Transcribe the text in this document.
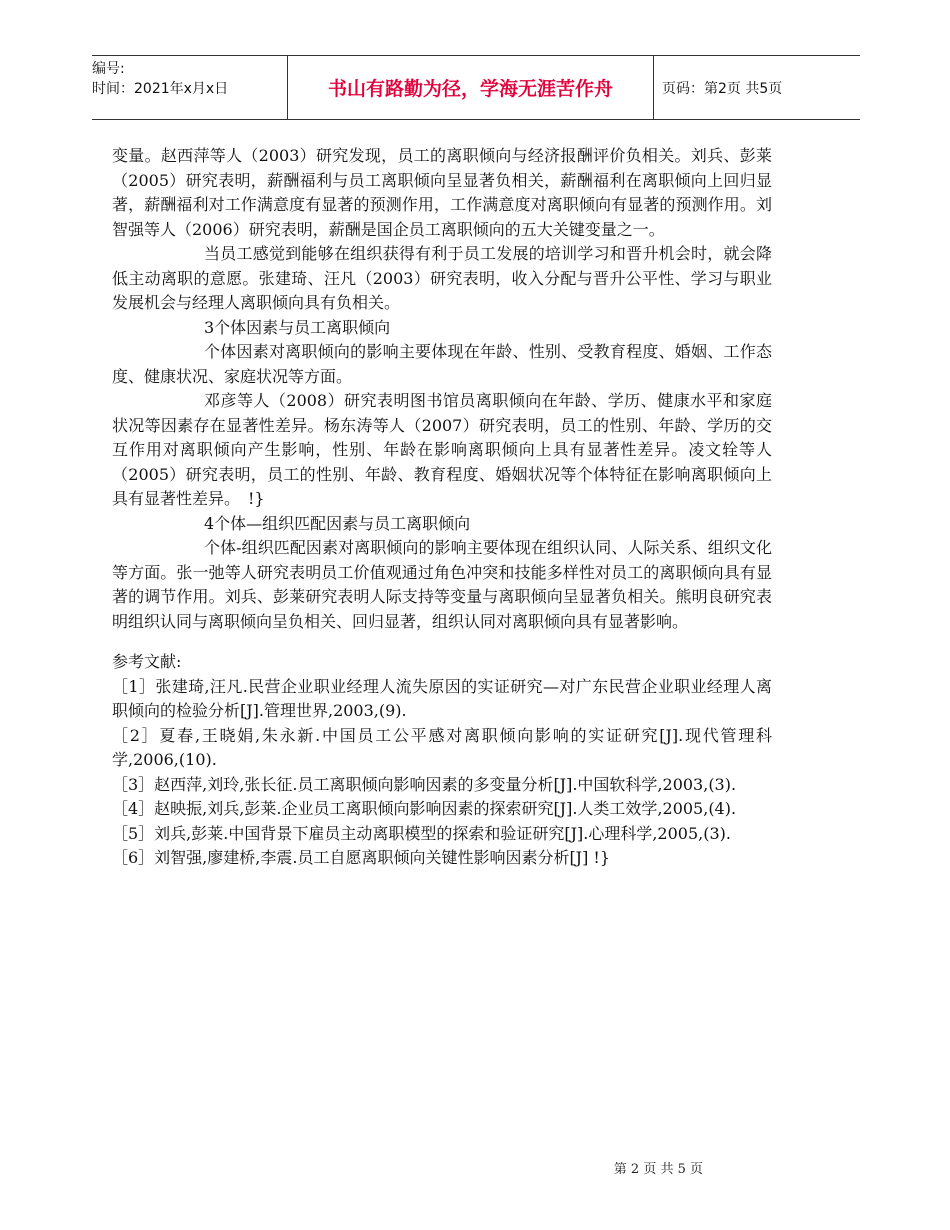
编号:
时间：2021年x月x日	书山有路勤为径，学海无涯苦作舟	页码：第2页 共5页

变量。赵西萍等人（2003）研究发现，员工的离职倾向与经济报酬评价负相关。刘兵、彭莱（2005）研究表明，薪酬福利与员工离职倾向呈显著负相关，薪酬福利在离职倾向上回归显著，薪酬福利对工作满意度有显著的预测作用，工作满意度对离职倾向有显著的预测作用。刘智强等人（2006）研究表明，薪酬是国企员工离职倾向的五大关键变量之一。

当员工感觉到能够在组织获得有利于员工发展的培训学习和晋升机会时，就会降低主动离职的意愿。张建琦、汪凡（2003）研究表明，收入分配与晋升公平性、学习与职业发展机会与经理人离职倾向具有负相关。

3个体因素与员工离职倾向

个体因素对离职倾向的影响主要体现在年龄、性别、受教育程度、婚姻、工作态度、健康状况、家庭状况等方面。

邓彦等人（2008）研究表明图书馆员离职倾向在年龄、学历、健康水平和家庭状况等因素存在显著性差异。杨东涛等人（2007）研究表明，员工的性别、年龄、学历的交互作用对离职倾向产生影响，性别、年龄在影响离职倾向上具有显著性差异。凌文辁等人（2005）研究表明，员工的性别、年龄、教育程度、婚姻状况等个体特征在影响离职倾向上具有显著性差异。　!}

4个体—组织匹配因素与员工离职倾向

个体-组织匹配因素对离职倾向的影响主要体现在组织认同、人际关系、组织文化等方面。张一弛等人研究表明员工价值观通过角色冲突和技能多样性对员工的离职倾向具有显著的调节作用。刘兵、彭莱研究表明人际支持等变量与离职倾向呈显著负相关。熊明良研究表明组织认同与离职倾向呈负相关、回归显著，组织认同对离职倾向具有显著影响。

参考文献:

［1］张建琦,汪凡.民营企业职业经理人流失原因的实证研究—对广东民营企业职业经理人离职倾向的检验分析[J].管理世界,2003,(9).

［2］夏春,王晓娟,朱永新.中国员工公平感对离职倾向影响的实证研究[J].现代管理科学,2006,(10).

［3］赵西萍,刘玲,张长征.员工离职倾向影响因素的多变量分析[J].中国软科学,2003,(3).

［4］赵映振,刘兵,彭莱.企业员工离职倾向影响因素的探索研究[J].人类工效学,2005,(4).

［5］刘兵,彭莱.中国背景下雇员主动离职模型的探索和验证研究[J].心理科学,2005,(3).

［6］刘智强,廖建桥,李震.员工自愿离职倾向关键性影响因素分析[J] !}

第 2 页 共 5 页
